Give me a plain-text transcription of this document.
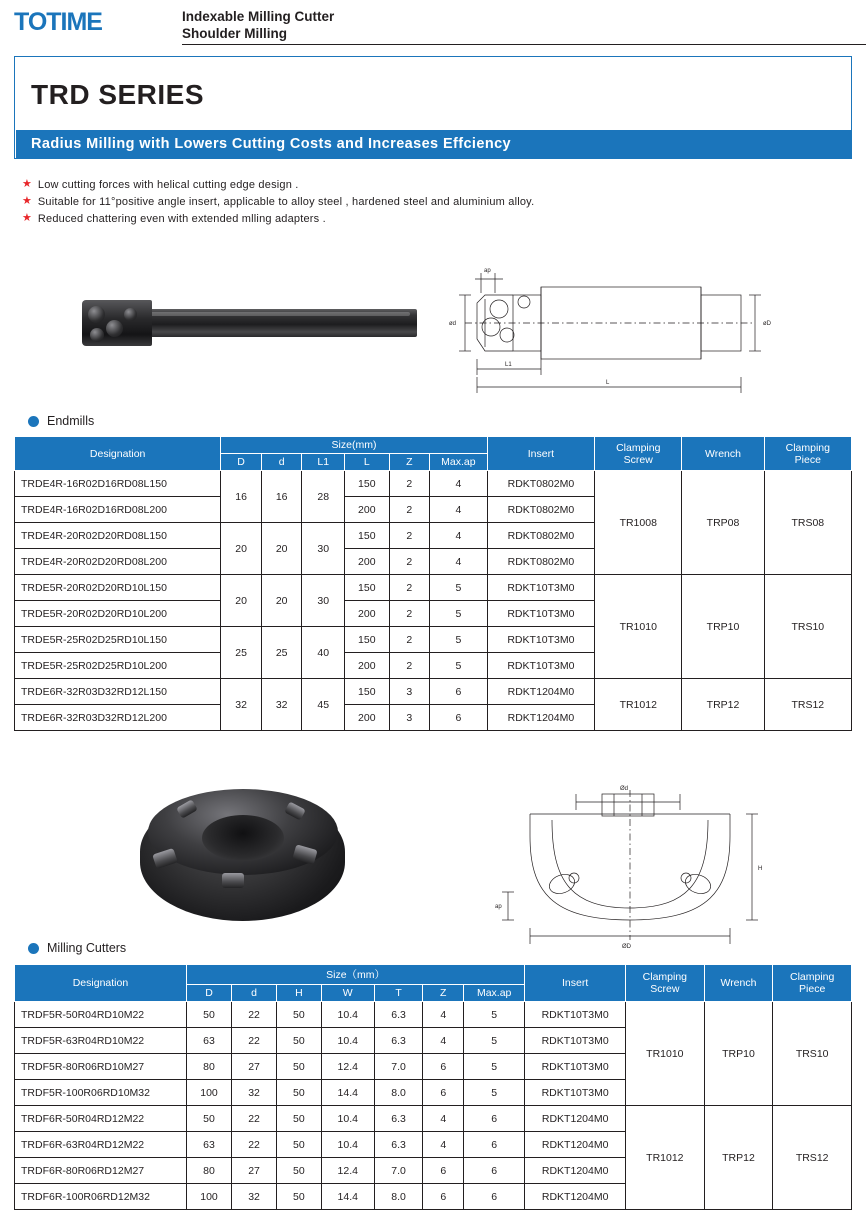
TOTIME	Indexable Milling Cutter
Shoulder Milling
TRD SERIES
Radius Milling with Lowers Cutting Costs and Increases Effciency
★ Low cutting forces with helical cutting edge design .
★ Suitable for 11°positive angle insert, applicable to alloy steel , hardened steel and aluminium alloy.
★ Reduced chattering even with extended mlling adapters .
ap
ød	øD
L1
L
Endmills
Designation	Size(mm)						Insert	Clamping
Screw	Wrench	Clamping
Piece
	D	d	L1	L	Z	Max.ap				
TRDE4R-16R02D16RD08L150	16	16	28	150	2	4	RDKT0802M0	TR1008	TRP08	TRS08
TRDE4R-16R02D16RD08L200				200	2	4	RDKT0802M0			
TRDE4R-20R02D20RD08L150	20	20	30	150	2	4	RDKT0802M0			
TRDE4R-20R02D20RD08L200				200	2	4	RDKT0802M0			
TRDE5R-20R02D20RD10L150	20	20	30	150	2	5	RDKT10T3M0	TR1010	TRP10	TRS10
TRDE5R-20R02D20RD10L200				200	2	5	RDKT10T3M0			
TRDE5R-25R02D25RD10L150	25	25	40	150	2	5	RDKT10T3M0			
TRDE5R-25R02D25RD10L200				200	2	5	RDKT10T3M0			
TRDE6R-32R03D32RD12L150	32	32	45	150	3	6	RDKT1204M0	TR1012	TRP12	TRS12
TRDE6R-32R03D32RD12L200				200	3	6	RDKT1204M0			
Ød
H
ap
ØD
Milling Cutters
Designation	Size（mm）							Insert	Clamping
Screw	Wrench	Clamping
Piece
	D	d	H	W	T	Z	Max.ap				
TRDF5R-50R04RD10M22	50	22	50	10.4	6.3	4	5	RDKT10T3M0	TR1010	TRP10	TRS10
TRDF5R-63R04RD10M22	63	22	50	10.4	6.3	4	5	RDKT10T3M0			
TRDF5R-80R06RD10M27	80	27	50	12.4	7.0	6	5	RDKT10T3M0			
TRDF5R-100R06RD10M32	100	32	50	14.4	8.0	6	5	RDKT10T3M0			
TRDF6R-50R04RD12M22	50	22	50	10.4	6.3	4	6	RDKT1204M0	TR1012	TRP12	TRS12
TRDF6R-63R04RD12M22	63	22	50	10.4	6.3	4	6	RDKT1204M0			
TRDF6R-80R06RD12M27	80	27	50	12.4	7.0	6	6	RDKT1204M0			
TRDF6R-100R06RD12M32	100	32	50	14.4	8.0	6	6	RDKT1204M0			
